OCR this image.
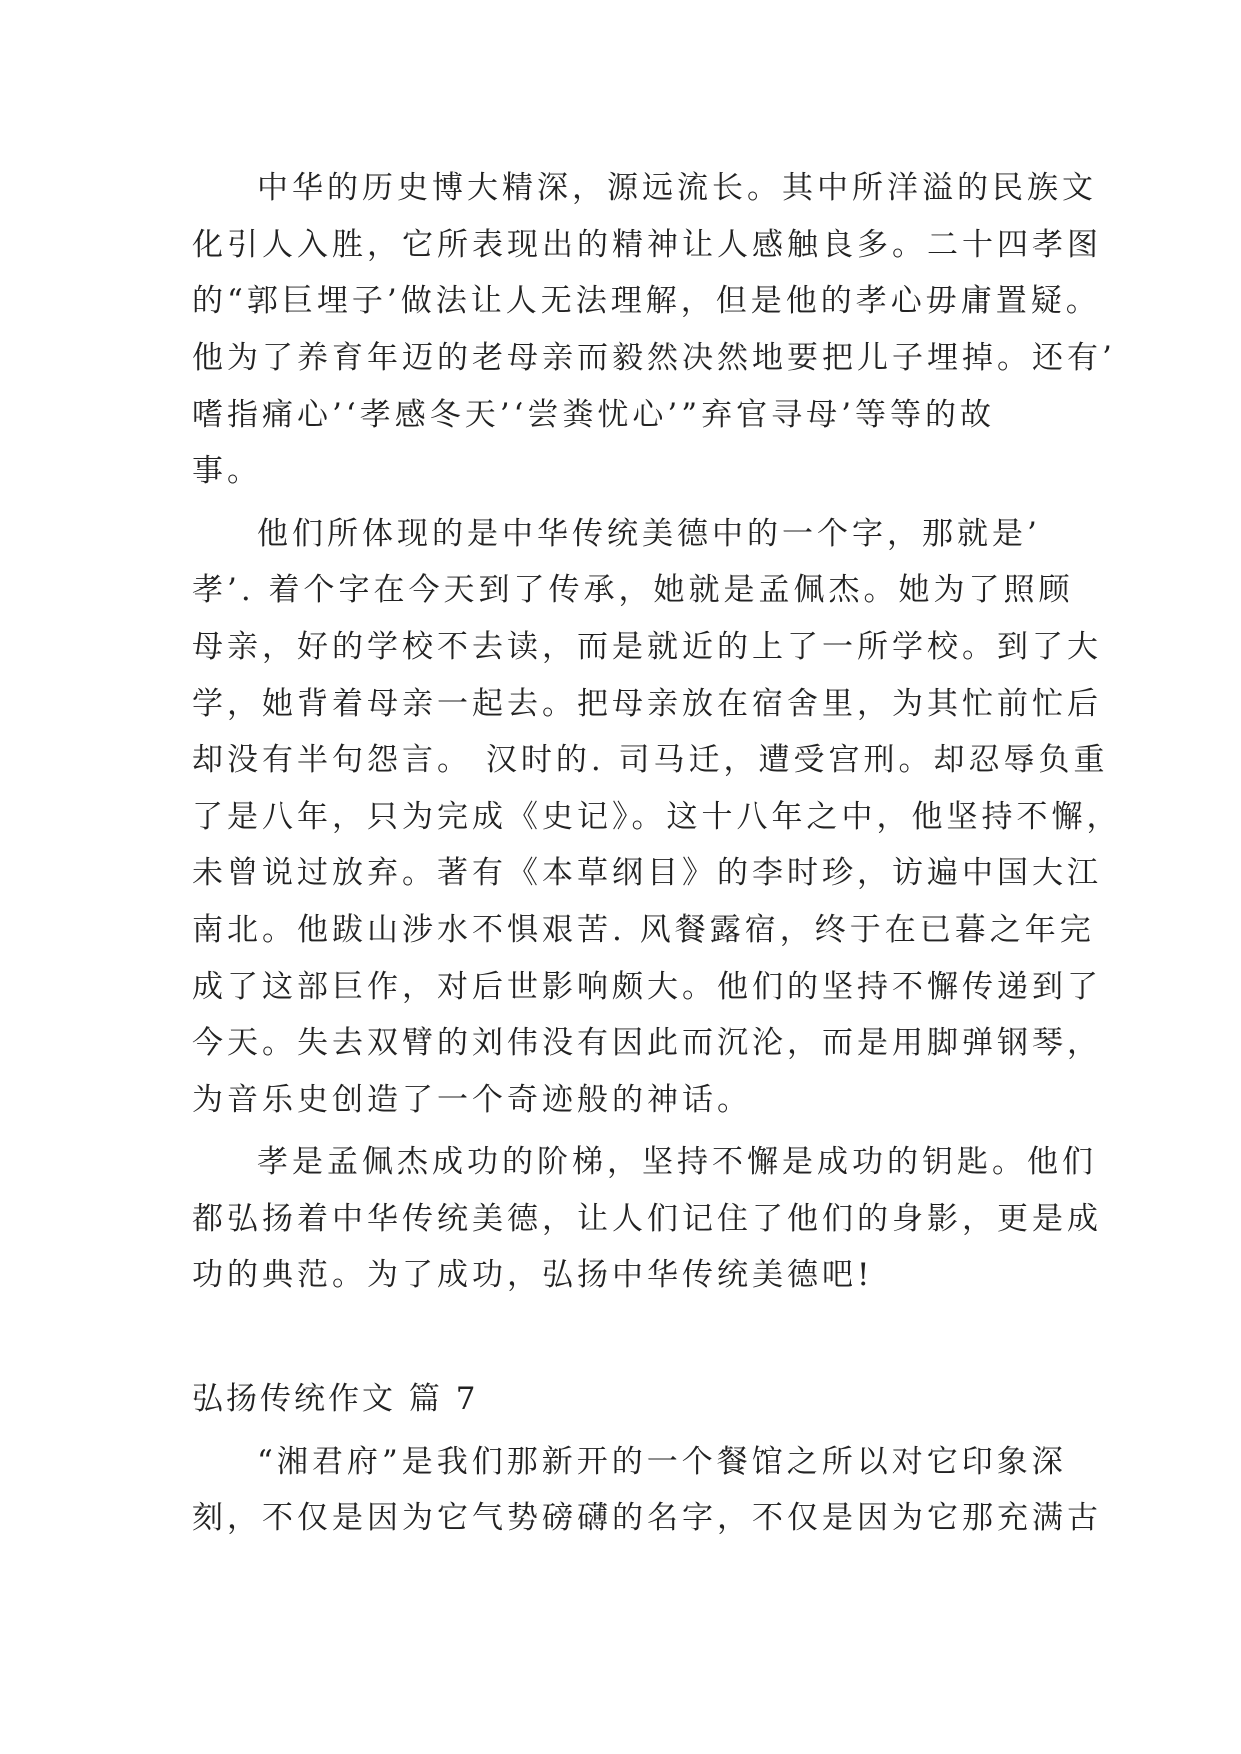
中华的历史博大精深，源远流长。其中所洋溢的民族文
化引人入胜，它所表现出的精神让人感触良多。二十四孝图
的“郭巨埋子’做法让人无法理解，但是他的孝心毋庸置疑。
他为了养育年迈的老母亲而毅然决然地要把儿子埋掉。还有’
嗜指痛心’‘孝感冬天’‘尝粪忧心’”弃官寻母’等等的故
事。
他们所体现的是中华传统美德中的一个字，那就是’
孝’. 着个字在今天到了传承，她就是孟佩杰。她为了照顾
母亲，好的学校不去读，而是就近的上了一所学校。到了大
学，她背着母亲一起去。把母亲放在宿舍里，为其忙前忙后
却没有半句怨言。 汉时的. 司马迁，遭受宫刑。却忍辱负重
了是八年，只为完成《史记》。这十八年之中，他坚持不懈，
未曾说过放弃。著有《本草纲目》的李时珍，访遍中国大江
南北。他跋山涉水不惧艰苦. 风餐露宿，终于在已暮之年完
成了这部巨作，对后世影响颇大。他们的坚持不懈传递到了
今天。失去双臂的刘伟没有因此而沉沦，而是用脚弹钢琴，
为音乐史创造了一个奇迹般的神话。
孝是孟佩杰成功的阶梯，坚持不懈是成功的钥匙。他们
都弘扬着中华传统美德，让人们记住了他们的身影，更是成
功的典范。为了成功，弘扬中华传统美德吧!
弘扬传统作文 篇 7
“湘君府”是我们那新开的一个餐馆之所以对它印象深
刻，不仅是因为它气势磅礴的名字，不仅是因为它那充满古
